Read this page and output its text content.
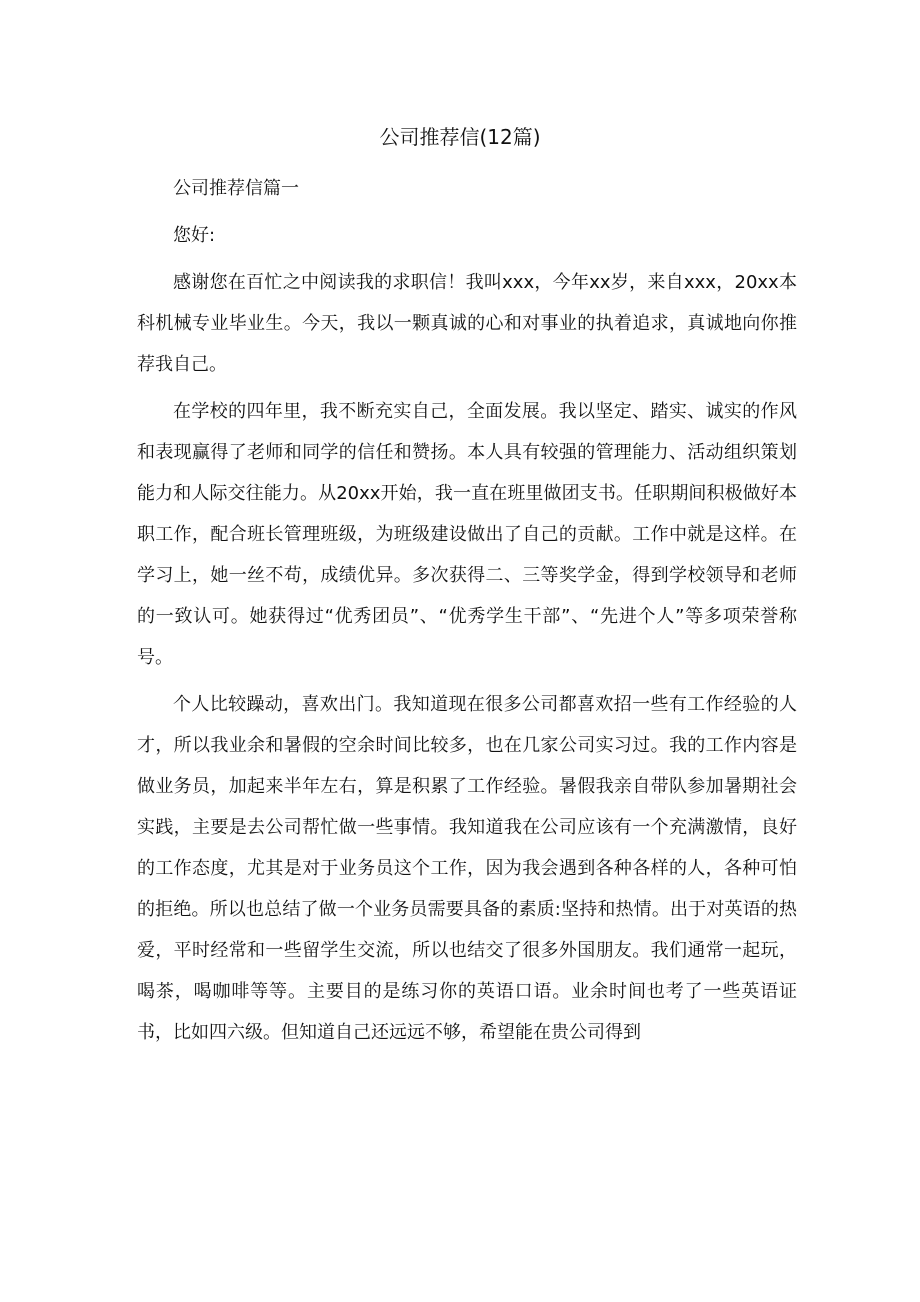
公司推荐信(12篇)

公司推荐信篇一

您好:

感谢您在百忙之中阅读我的求职信！我叫xxx，今年xx岁，来自xxx，20xx本科机械专业毕业生。今天，我以一颗真诚的心和对事业的执着追求，真诚地向你推荐我自己。

在学校的四年里，我不断充实自己，全面发展。我以坚定、踏实、诚实的作风和表现赢得了老师和同学的信任和赞扬。本人具有较强的管理能力、活动组织策划能力和人际交往能力。从20xx开始，我一直在班里做团支书。任职期间积极做好本职工作，配合班长管理班级，为班级建设做出了自己的贡献。工作中就是这样。在学习上，她一丝不苟，成绩优异。多次获得二、三等奖学金，得到学校领导和老师的一致认可。她获得过“优秀团员”、“优秀学生干部”、“先进个人”等多项荣誉称号。

个人比较躁动，喜欢出门。我知道现在很多公司都喜欢招一些有工作经验的人才，所以我业余和暑假的空余时间比较多，也在几家公司实习过。我的工作内容是做业务员，加起来半年左右，算是积累了工作经验。暑假我亲自带队参加暑期社会实践，主要是去公司帮忙做一些事情。我知道我在公司应该有一个充满激情，良好的工作态度，尤其是对于业务员这个工作，因为我会遇到各种各样的人，各种可怕的拒绝。所以也总结了做一个业务员需要具备的素质:坚持和热情。出于对英语的热爱，平时经常和一些留学生交流，所以也结交了很多外国朋友。我们通常一起玩，喝茶，喝咖啡等等。主要目的是练习你的英语口语。业余时间也考了一些英语证书，比如四六级。但知道自己还远远不够，希望能在贵公司得到
